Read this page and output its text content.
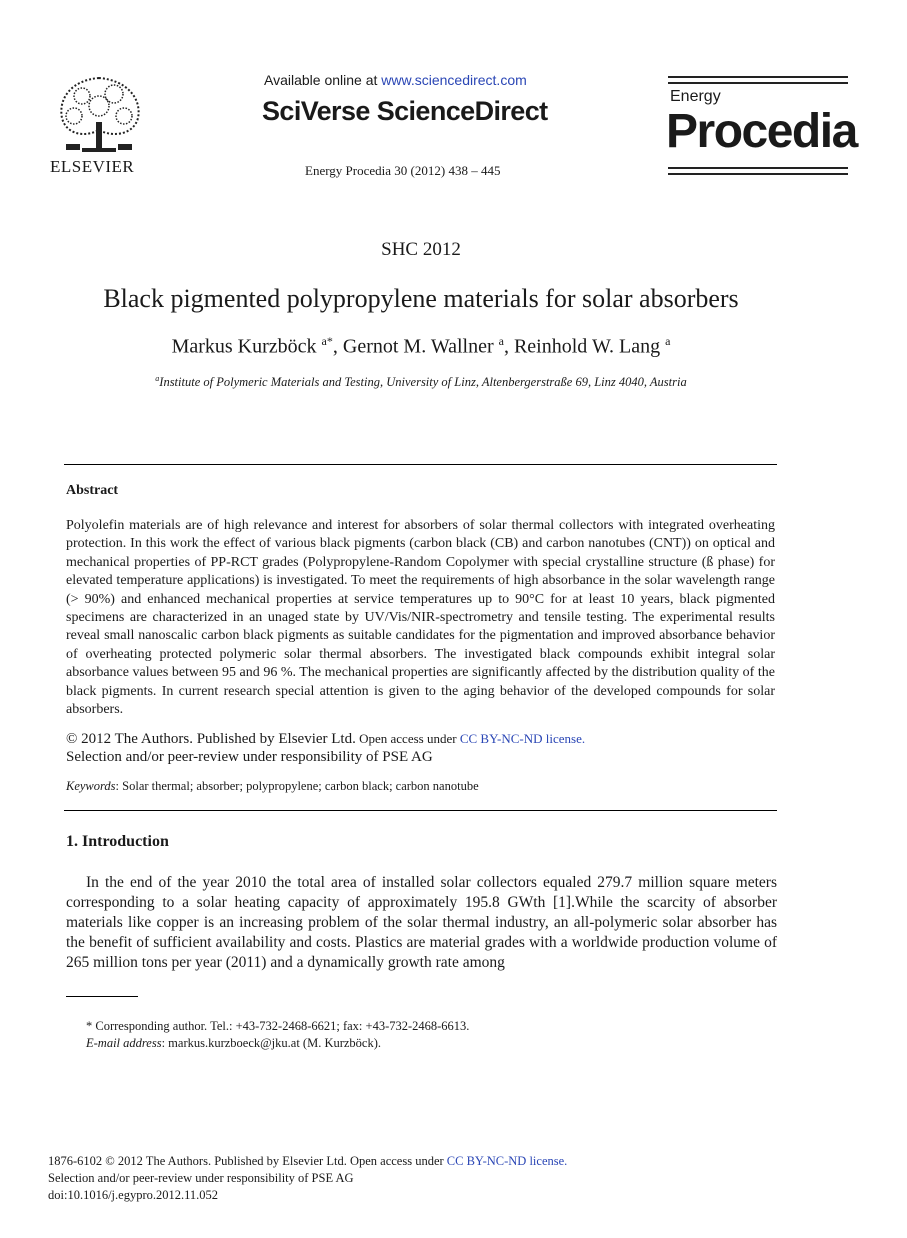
ELSEVIER
Available online at www.sciencedirect.com
SciVerse ScienceDirect
Energy Procedia 30 (2012) 438 – 445
Energy
Procedia
SHC 2012
Black pigmented polypropylene materials for solar absorbers
Markus Kurzböck $^{a*}$, Gernot M. Wallner $^a$, Reinhold W. Lang $^a$
$^a$Institute of Polymeric Materials and Testing, University of Linz, Altenbergerstraße 69, Linz 4040, Austria
Abstract
Polyolefin materials are of high relevance and interest for absorbers of solar thermal collectors with integrated overheating protection. In this work the effect of various black pigments (carbon black (CB) and carbon nanotubes (CNT)) on optical and mechanical properties of PP-RCT grades (Polypropylene-Random Copolymer with special crystalline structure (ß phase) for elevated temperature applications) is investigated. To meet the requirements of high absorbance in the solar wavelength range (> 90%) and enhanced mechanical properties at service temperatures up to 90°C for at least 10 years, black pigmented specimens are characterized in an unaged state by UV/Vis/NIR-spectrometry and tensile testing. The experimental results reveal small nanoscalic carbon black pigments as suitable candidates for the pigmentation and improved absorbance behavior of overheating protected polymeric solar thermal absorbers. The investigated black compounds exhibit integral solar absorbance values between 95 and 96 %. The mechanical properties are significantly affected by the distribution quality of the black pigments. In current research special attention is given to the aging behavior of the developed compounds for solar absorbers.
© 2012 The Authors. Published by Elsevier Ltd. Open access under CC BY-NC-ND license.
Selection and/or peer-review under responsibility of PSE AG
Keywords: Solar thermal; absorber; polypropylene; carbon black; carbon nanotube
1. Introduction
In the end of the year 2010 the total area of installed solar collectors equaled 279.7 million square meters corresponding to a solar heating capacity of approximately 195.8 GWth [1].While the scarcity of absorber materials like copper is an increasing problem of the solar thermal industry, an all-polymeric solar absorber has the benefit of sufficient availability and costs. Plastics are material grades with a worldwide production volume of 265 million tons per year (2011) and a dynamically growth rate among
* Corresponding author. Tel.: +43-732-2468-6621; fax: +43-732-2468-6613.
E-mail address: markus.kurzboeck@jku.at (M. Kurzböck).
1876-6102 © 2012 The Authors. Published by Elsevier Ltd. Open access under CC BY-NC-ND license.
Selection and/or peer-review under responsibility of PSE AG
doi:10.1016/j.egypro.2012.11.052
